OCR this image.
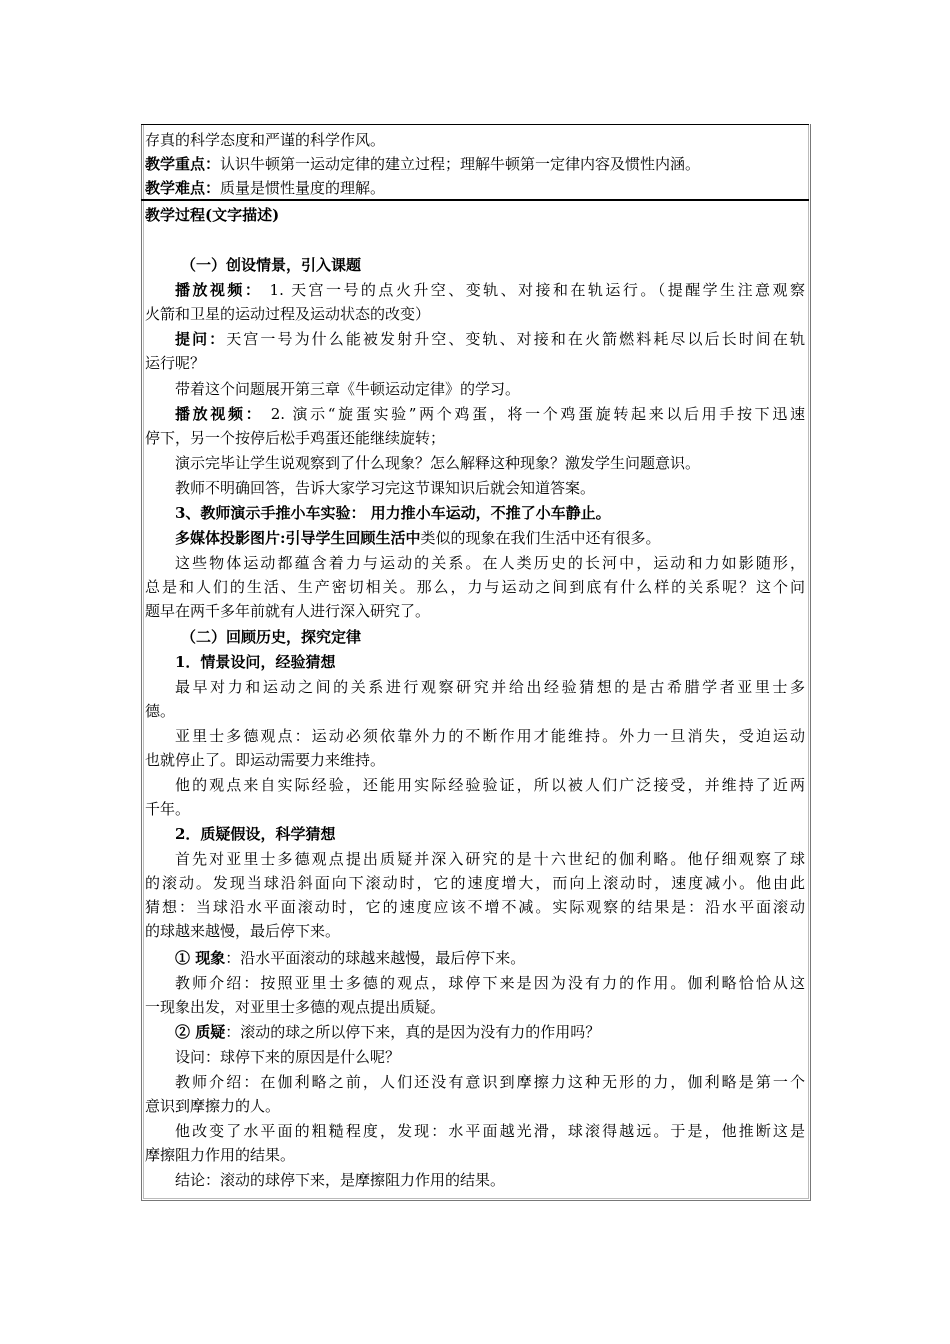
存真的科学态度和严谨的科学作风。
教学重点：认识牛顿第一运动定律的建立过程；理解牛顿第一定律内容及惯性内涵。
教学难点：质量是惯性量度的理解。
教学过程(文字描述)
（一）创设情景，引入课题
播放视频： 1. 天宫一号的点火升空、变轨、对接和在轨运行。（提醒学生注意观察
火箭和卫星的运动过程及运动状态的改变）
提问：天宫一号为什么能被发射升空、变轨、对接和在火箭燃料耗尽以后长时间在轨
运行呢？
带着这个问题展开第三章《牛顿运动定律》的学习。
播放视频： 2. 演示“旋蛋实验”两个鸡蛋，将一个鸡蛋旋转起来以后用手按下迅速
停下，另一个按停后松手鸡蛋还能继续旋转；
演示完毕让学生说观察到了什么现象？怎么解释这种现象？激发学生问题意识。
教师不明确回答，告诉大家学习完这节课知识后就会知道答案。
3、教师演示手推小车实验： 用力推小车运动，不推了小车静止。
多媒体投影图片:引导学生回顾生活中类似的现象在我们生活中还有很多。
这些物体运动都蕴含着力与运动的关系。在人类历史的长河中，运动和力如影随形，
总是和人们的生活、生产密切相关。那么，力与运动之间到底有什么样的关系呢？这个问
题早在两千多年前就有人进行深入研究了。
（二）回顾历史，探究定律
1．情景设问，经验猜想
最早对力和运动之间的关系进行观察研究并给出经验猜想的是古希腊学者亚里士多
德。
亚里士多德观点：运动必须依靠外力的不断作用才能维持。外力一旦消失，受迫运动
也就停止了。即运动需要力来维持。
他的观点来自实际经验，还能用实际经验验证，所以被人们广泛接受，并维持了近两
千年。
2．质疑假设，科学猜想
首先对亚里士多德观点提出质疑并深入研究的是十六世纪的伽利略。他仔细观察了球
的滚动。发现当球沿斜面向下滚动时，它的速度增大，而向上滚动时，速度减小。他由此
猜想：当球沿水平面滚动时，它的速度应该不增不减。实际观察的结果是：沿水平面滚动
的球越来越慢，最后停下来。
① 现象：沿水平面滚动的球越来越慢，最后停下来。
教师介绍：按照亚里士多德的观点，球停下来是因为没有力的作用。伽利略恰恰从这
一现象出发，对亚里士多德的观点提出质疑。
② 质疑：滚动的球之所以停下来，真的是因为没有力的作用吗？
设问：球停下来的原因是什么呢？
教师介绍：在伽利略之前，人们还没有意识到摩擦力这种无形的力，伽利略是第一个
意识到摩擦力的人。
他改变了水平面的粗糙程度，发现：水平面越光滑，球滚得越远。于是，他推断这是
摩擦阻力作用的结果。
结论：滚动的球停下来，是摩擦阻力作用的结果。
